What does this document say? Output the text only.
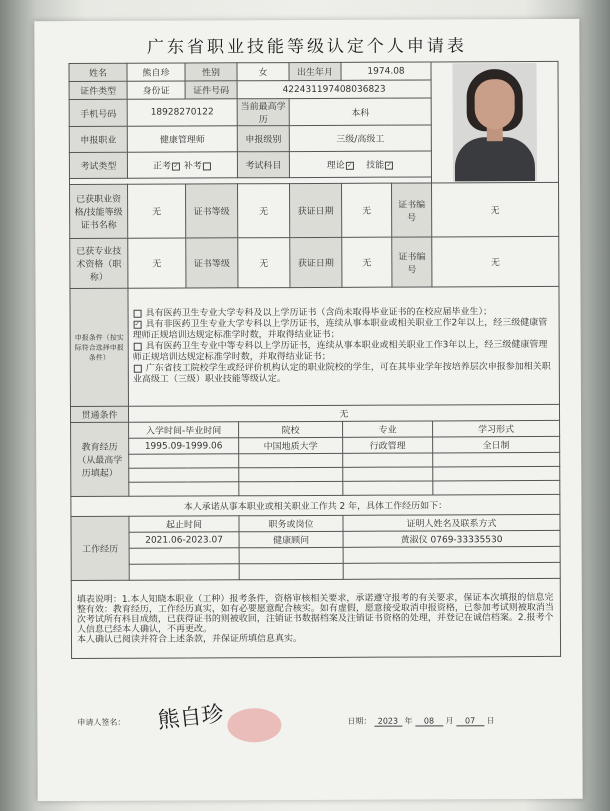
广东省职业技能等级认定个人申请表
姓名	熊自珍	性别	女	出生年月	1974.08		

证件类型	身份证	证件号码	422431197408036823				
手机号码	18928270122		当前最高学历	本科			
申报职业	健康管理师		申报级别	三级/高级工			
考试类型	正考 ✓ 补考		考试科目	理论 ✓ 技能 ✓			

已获职业资格/技能等级证书名称	无	证书等级	无	获证日期	无	证书编号	无
已获专业技术资格（职称）	无	证书等级	无	获证日期	无	证书编号	无
申报条件（按实际符合选择申报条件）	具有医药卫生专业大学专科及以上学历证书（含尚未取得毕业证书的在校应届毕业生）；
✓ 具有非医药卫生专业大学专科以上学历证书，连续从事本职业或相关职业工作2年以上，经三级健康管理师正规培训达规定标准学时数，并取得结业证书；
具有医药卫生专业中等专科以上学历证书，连续从事本职业或相关职业工作3年以上，经三级健康管理师正规培训达规定标准学时数，并取得结业证书；
广东省技工院校学生或经评价机构认定的职业院校的学生，可在其毕业学年按培养层次申报参加相关职业高级工（三级）职业技能等级认定。						

贯通条件	无						
教育经历（从最高学历填起）	入学时间-毕业时间		院校		专业		学习形式
	1995.09-1999.06		中国地质大学		行政管理		全日制

本人承诺从事本职业或相关职业工作共 2 年，具体工作经历如下：							
工作经历	起止时间		职务或岗位		证明人姓名及联系方式		
	2021.06-2023.07		健康顾问		黄淑仪 0769-33335530		

填表说明：1.本人知晓本职业（工种）报考条件，资格审核相关要求，承诺遵守报考的有关要求，保证本次填报的信息完整有效：教育经历，工作经历真实，如有必要愿意配合核实。如有虚假，愿意接受取消申报资格，已参加考试则被取消当次考试所有科目成绩，已获得证书的则被收回，注销证书数据档案及注销证书资格的处理，并登记在诚信档案。2.报考个人信息已经本人确认，不再更改。
本人确认已阅读并符合上述条款，并保证所填信息真实。							
申请人签名： 熊自珍	日期： 2023 年 08 月 07 日
